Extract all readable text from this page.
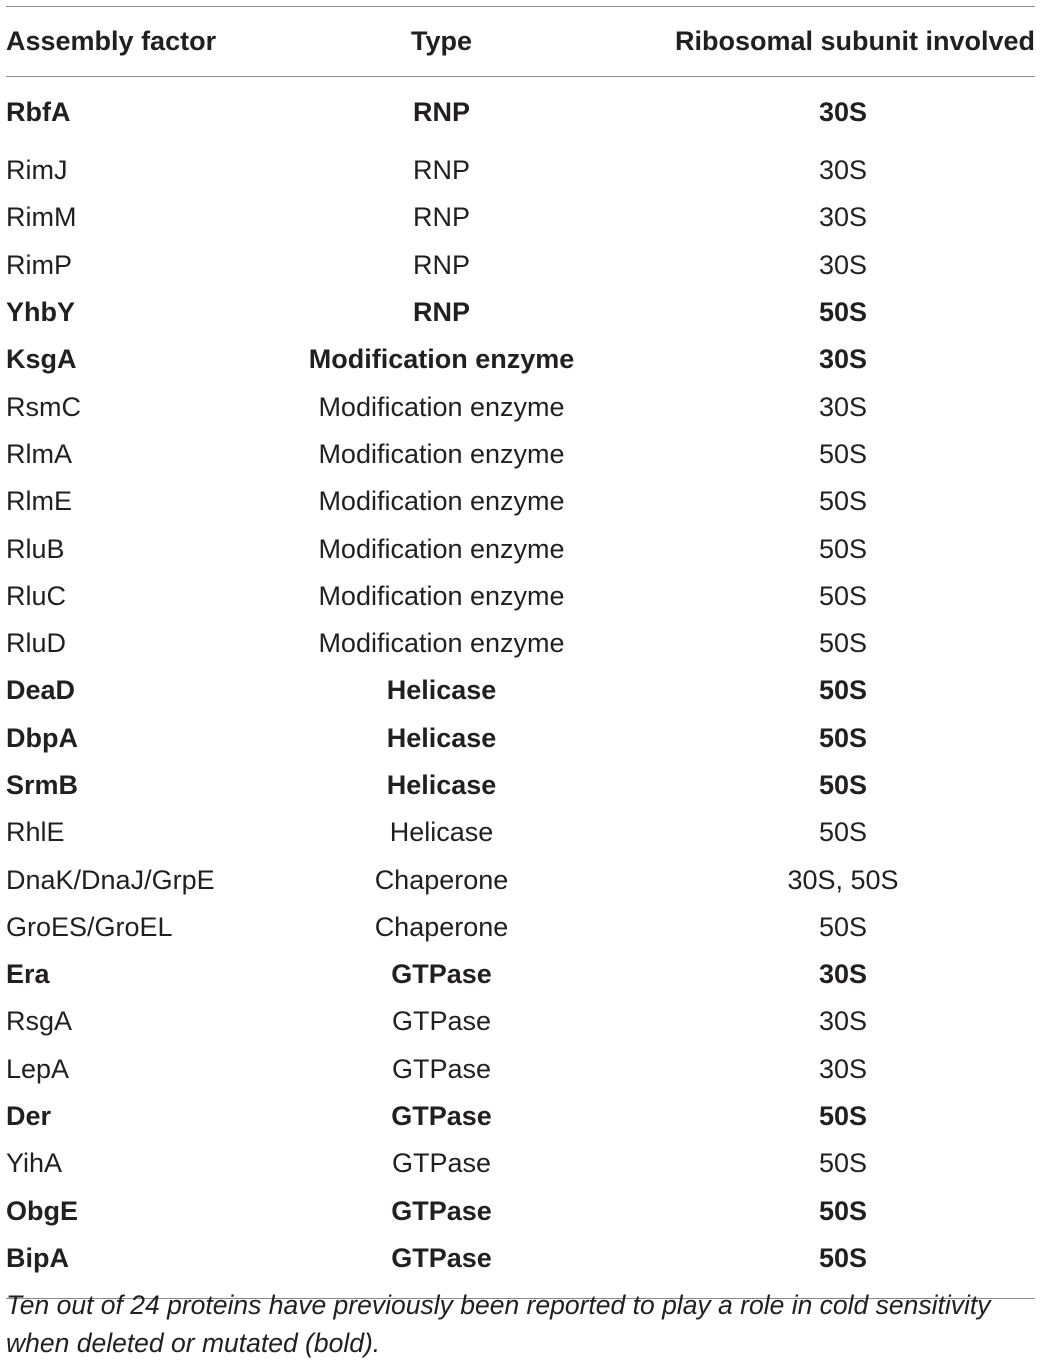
Assembly factor	Type	Ribosomal subunit involved
RbfA	RNP	30S
RimJ	RNP	30S
RimM	RNP	30S
RimP	RNP	30S
YhbY	RNP	50S
KsgA	Modification enzyme	30S
RsmC	Modification enzyme	30S
RlmA	Modification enzyme	50S
RlmE	Modification enzyme	50S
RluB	Modification enzyme	50S
RluC	Modification enzyme	50S
RluD	Modification enzyme	50S
DeaD	Helicase	50S
DbpA	Helicase	50S
SrmB	Helicase	50S
RhlE	Helicase	50S
DnaK/DnaJ/GrpE	Chaperone	30S, 50S
GroES/GroEL	Chaperone	50S
Era	GTPase	30S
RsgA	GTPase	30S
LepA	GTPase	30S
Der	GTPase	50S
YihA	GTPase	50S
ObgE	GTPase	50S
BipA	GTPase	50S

Ten out of 24 proteins have previously been reported to play a role in cold sensitivity when deleted or mutated (bold).
